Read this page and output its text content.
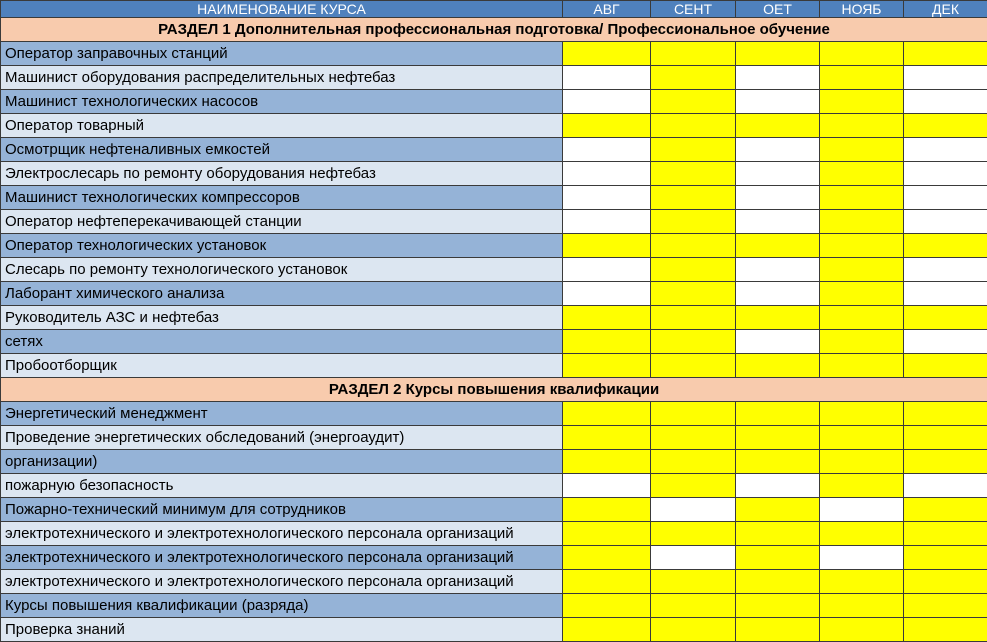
НАИМЕНОВАНИЕ КУРСА	АВГ	СЕНТ	ОЕТ	НОЯБ	ДЕК
РАЗДЕЛ 1 Дополнительная профессиональная подготовка/ Профессиональное обучение					
Оператор заправочных станций					
Машинист оборудования распределительных нефтебаз					
Машинист технологических насосов					
Оператор товарный					
Осмотрщик нефтеналивных емкостей					
Электрослесарь по ремонту оборудования нефтебаз					
Машинист технологических компрессоров					
Оператор нефтеперекачивающей станции					
Оператор технологических установок					
Слесарь по ремонту технологического установок					
Лаборант химического анализа					
Руководитель АЗС и нефтебаз					
сетях					
Пробоотборщик					
РАЗДЕЛ 2 Курсы повышения квалификации					
Энергетический менеджмент					
Проведение энергетических обследований (энергоаудит)					
организации)					
пожарную безопасность					
Пожарно-технический минимум для сотрудников					
электротехнического и электротехнологического персонала организаций					
электротехнического и электротехнологического персонала организаций					
электротехнического и электротехнологического персонала организаций					
Курсы повышения квалификации (разряда)					
Проверка знаний					
